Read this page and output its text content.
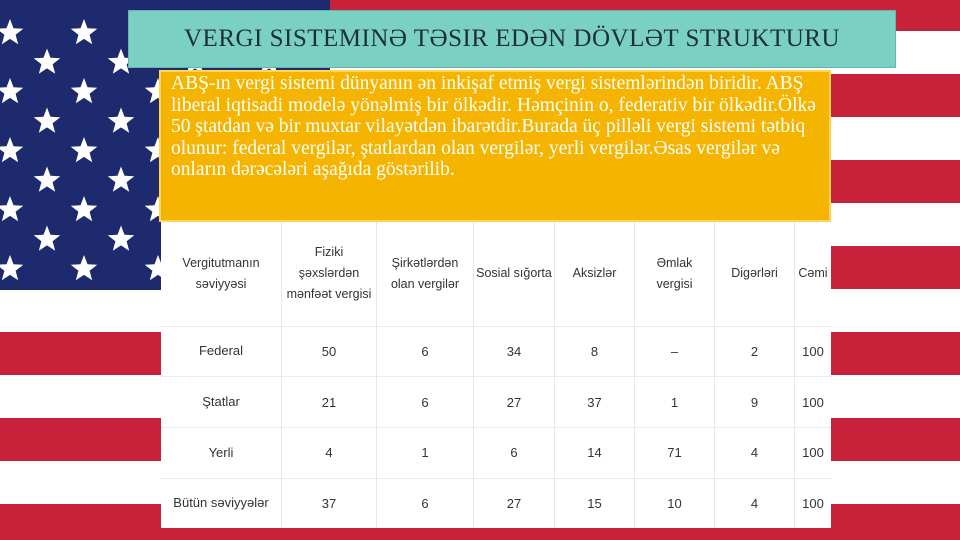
VERGI SISTEMINƏ TƏSIR EDƏN DÖVLƏT STRUKTURU
ABŞ-ın vergi sistemi dünyanın ən inkişaf etmiş vergi sistemlərindən biridir. ABŞ liberal iqtisadi modelə yönəlmiş bir ölkədir. Həmçinin o, federativ bir ölkədir.Ölkə 50 ştatdan və bir muxtar vilayətdən ibarətdir.Burada üç pilləli vergi sistemi tətbiq olunur: federal vergilər, ştatlardan olan vergilər, yerli vergilər.Əsas vergilər və onların dərəcələri aşağıda göstərilib.
Vergitutmanın səviyyəsi	Fiziki şəxslərdən mənfəət vergisi	Şirkətlərdən olan vergilər	Sosial sığorta	Aksizlər	Əmlak vergisi	Digərləri	Cəmi
Federal	50	6	34	8	–	2	100
Ştatlar	21	6	27	37	1	9	100
Yerli	4	1	6	14	71	4	100
Bütün səviyyələr	37	6	27	15	10	4	100
